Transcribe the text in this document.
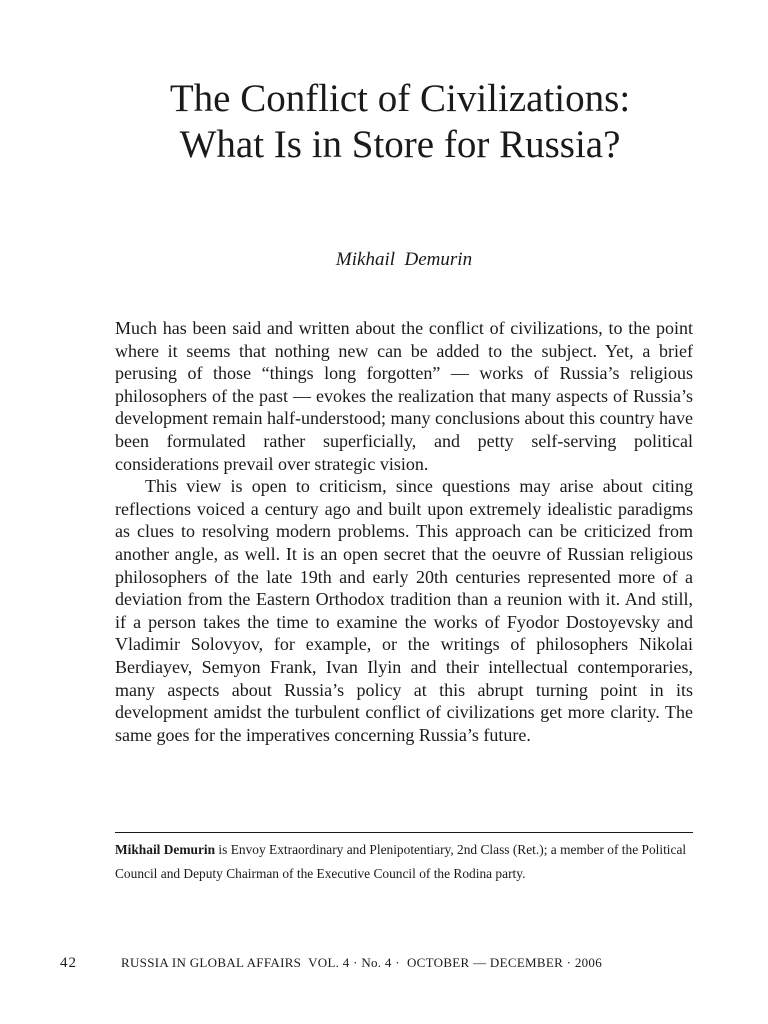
The Conflict of Civilizations:
What Is in Store for Russia?
Mikhail  Demurin

Much has been said and written about the conflict of civilizations, to the point where it seems that nothing new can be added to the subject. Yet, a brief perusing of those “things long forgotten” — works of Russia’s religious philosophers of the past — evokes the realization that many aspects of Russia’s development remain half-understood; many conclusions about this country have been formulated rather superficially, and petty self-serving political considerations prevail over strategic vision.

This view is open to criticism, since questions may arise about citing reflections voiced a century ago and built upon extremely idealistic paradigms as clues to resolving modern problems. This approach can be criticized from another angle, as well. It is an open secret that the oeuvre of Russian religious philosophers of the late 19th and early 20th centuries represented more of a deviation from the Eastern Orthodox tradition than a reunion with it. And still, if a person takes the time to examine the works of Fyodor Dostoyevsky and Vladimir Solovyov, for example, or the writings of philosophers Nikolai Berdiayev, Semyon Frank, Ivan Ilyin and their intellectual contemporaries, many aspects about Russia’s policy at this abrupt turning point in its development amidst the turbulent conflict of civilizations get more clarity. The same goes for the imperatives concerning Russia’s future.

Mikhail Demurin is Envoy Extraordinary and Plenipotentiary, 2nd Class (Ret.); a member of the Political Council and Deputy Chairman of the Executive Council of the Rodina party.
42	RUSSIA IN GLOBAL AFFAIRS  VOL. 4 · No. 4 ·  OCTOBER — DECEMBER · 2006
